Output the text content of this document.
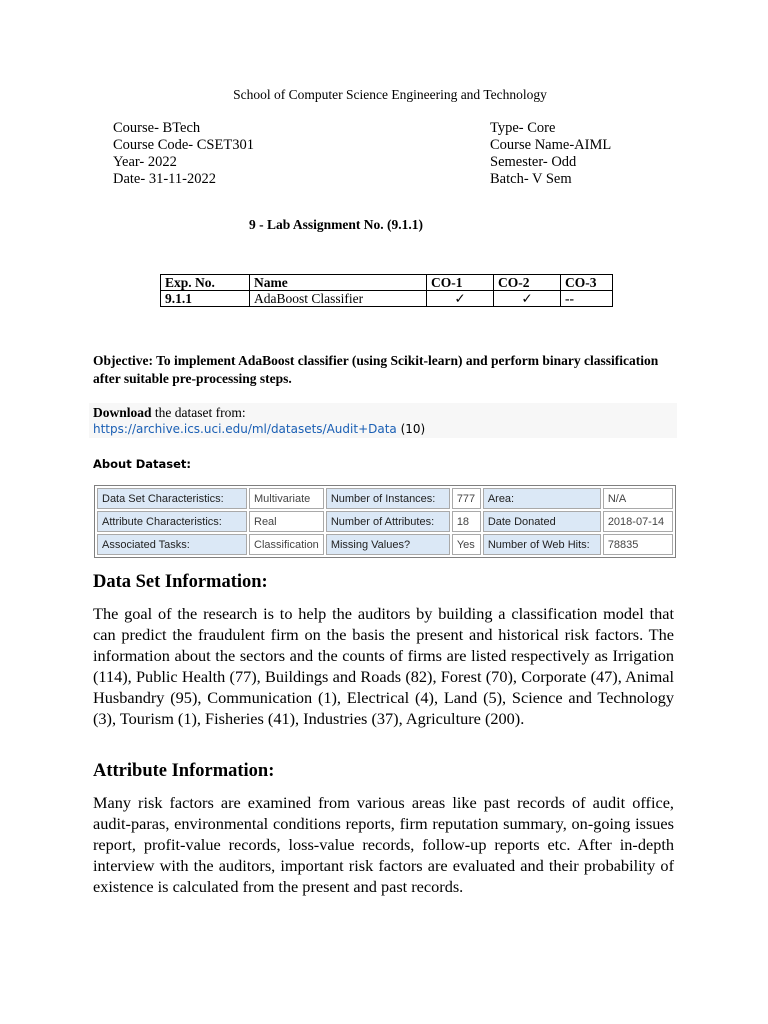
School of Computer Science Engineering and Technology
Course- BTech
Course Code- CSET301
Year- 2022
Date- 31-11-2022
Type- Core
Course Name-AIML
Semester- Odd
Batch- V Sem
9 - Lab Assignment No. (9.1.1)
Exp. No.	Name	CO-1	CO-2	CO-3
9.1.1	AdaBoost Classifier	✓	✓	--
Objective: To implement AdaBoost classifier (using Scikit-learn) and perform binary classification after suitable pre-processing steps.
Download the dataset from:
https://archive.ics.uci.edu/ml/datasets/Audit+Data (10)
About Dataset:
Data Set Characteristics:	Multivariate	Number of Instances:	777	Area:	N/A
Attribute Characteristics:	Real	Number of Attributes:	18	Date Donated	2018-07-14
Associated Tasks:	Classification	Missing Values?	Yes	Number of Web Hits:	78835
Data Set Information:
The goal of the research is to help the auditors by building a classification model that can predict the fraudulent firm on the basis the present and historical risk factors. The information about the sectors and the counts of firms are listed respectively as Irrigation (114), Public Health (77), Buildings and Roads (82), Forest (70), Corporate (47), Animal Husbandry (95), Communication (1), Electrical (4), Land (5), Science and Technology (3), Tourism (1), Fisheries (41), Industries (37), Agriculture (200).
Attribute Information:
Many risk factors are examined from various areas like past records of audit office, audit-paras, environmental conditions reports, firm reputation summary, on-going issues report, profit-value records, loss-value records, follow-up reports etc. After in-depth interview with the auditors, important risk factors are evaluated and their probability of existence is calculated from the present and past records.
